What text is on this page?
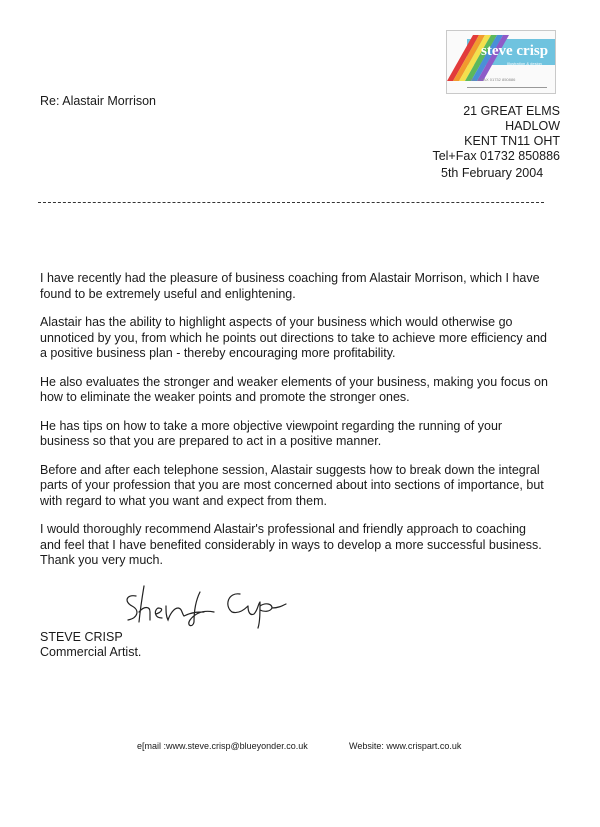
steve crisp
Illustration & design
TEL & FAX 01732 850886
Re: Alastair Morrison
21 GREAT ELMS
HADLOW
KENT TN11 OHT
Tel+Fax 01732 850886
5th February 2004

I have recently had the pleasure of business coaching from Alastair Morrison, which I have found to be extremely useful and enlightening.

Alastair has the ability to highlight aspects of your business which would otherwise go unnoticed by you, from which he points out directions to take to achieve more efficiency and a positive business plan - thereby encouraging more profitability.

He also evaluates the stronger and weaker elements of your business, making you focus on how to eliminate the weaker points and promote the stronger ones.

He has tips on how to take a more objective viewpoint regarding the running of your business so that you are prepared to act in a positive manner.

Before and after each telephone session, Alastair suggests how to break down the integral parts of your profession that you are most concerned about into sections of importance, but with regard to what you want and expect from them.

I would thoroughly recommend Alastair's professional and friendly approach to coaching and feel that I have benefited considerably in ways to develop a more successful business. Thank you very much.

STEVE CRISP
Commercial Artist.
e[mail :www.steve.crisp@blueyonder.co.uk	Website: www.crispart.co.uk
